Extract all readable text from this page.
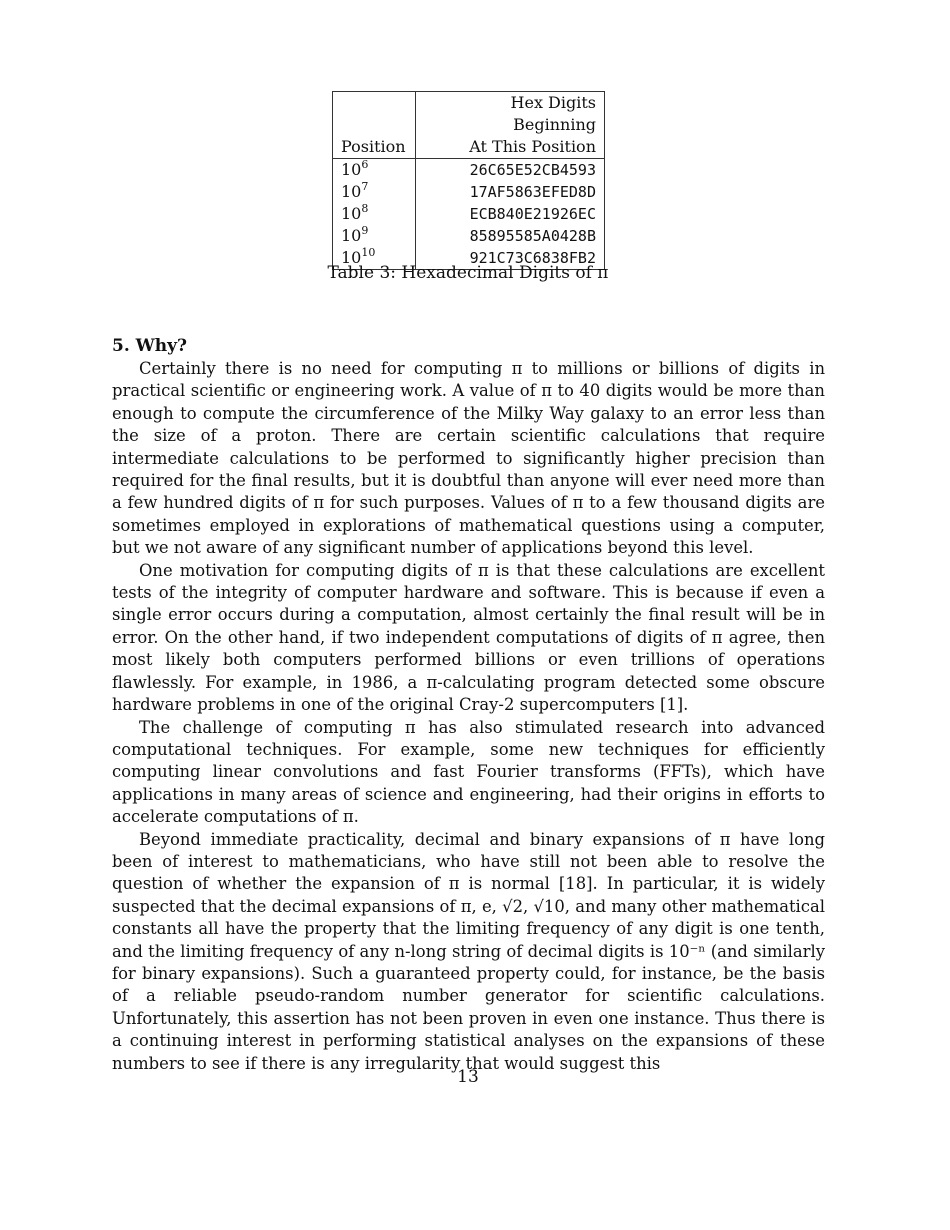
	Hex Digits Beginning
Position	At This Position
$10^6$	26C65E52CB4593
$10^7$	17AF5863EFED8D
$10^8$	ECB840E21926EC
$10^9$	85895585A0428B
$10^{10}$	921C73C6838FB2
Table 3: Hexadecimal Digits of π
5. Why?

Certainly there is no need for computing π to millions or billions of digits in practical scientific or engineering work. A value of π to 40 digits would be more than enough to compute the circumference of the Milky Way galaxy to an error less than the size of a proton. There are certain scientific calculations that require intermediate calculations to be performed to significantly higher precision than required for the final results, but it is doubtful than anyone will ever need more than a few hundred digits of π for such purposes. Values of π to a few thousand digits are sometimes employed in explorations of mathematical questions using a computer, but we not aware of any significant number of applications beyond this level.

One motivation for computing digits of π is that these calculations are excellent tests of the integrity of computer hardware and software. This is because if even a single error occurs during a computation, almost certainly the final result will be in error. On the other hand, if two independent computations of digits of π agree, then most likely both computers performed billions or even trillions of operations flawlessly. For example, in 1986, a π-calculating program detected some obscure hardware problems in one of the original Cray-2 supercomputers [1].

The challenge of computing π has also stimulated research into advanced computational techniques. For example, some new techniques for efficiently computing linear convolutions and fast Fourier transforms (FFTs), which have applications in many areas of science and engineering, had their origins in efforts to accelerate computations of π.

Beyond immediate practicality, decimal and binary expansions of π have long been of interest to mathematicians, who have still not been able to resolve the question of whether the expansion of π is normal [18]. In particular, it is widely suspected that the decimal expansions of π, e, √2, √10, and many other mathematical constants all have the property that the limiting frequency of any digit is one tenth, and the limiting frequency of any n-long string of decimal digits is 10⁻ⁿ (and similarly for binary expansions). Such a guaranteed property could, for instance, be the basis of a reliable pseudo-random number generator for scientific calculations. Unfortunately, this assertion has not been proven in even one instance. Thus there is a continuing interest in performing statistical analyses on the expansions of these numbers to see if there is any irregularity that would suggest this

13
